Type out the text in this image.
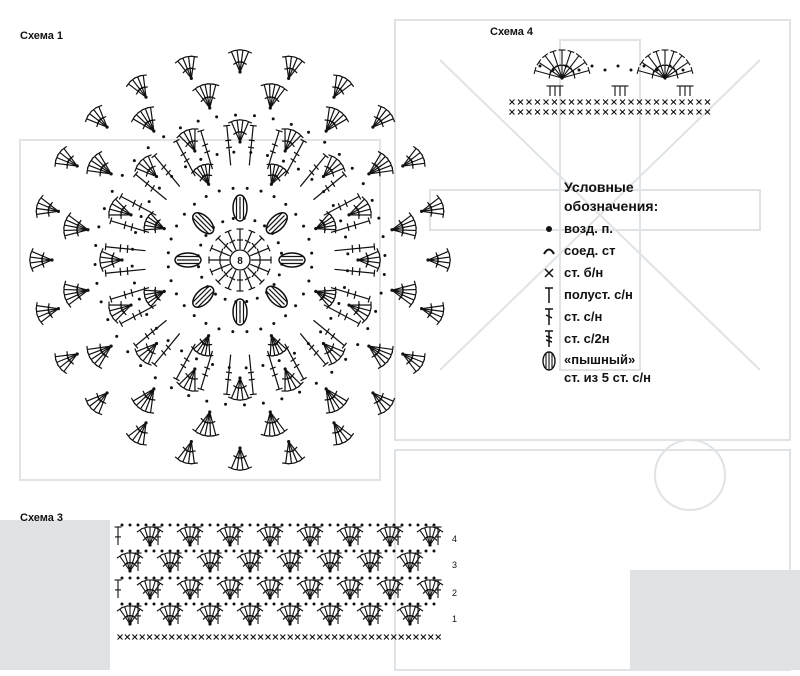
Схема 1	Схема 4
Схема 3
8
4
3
2
1
Условные
обозначения:
возд. п.
соед. ст
ст. б/н
полуст. с/н
ст. с/н
ст. с/2н
«пышный»
ст. из 5 ст. с/н
